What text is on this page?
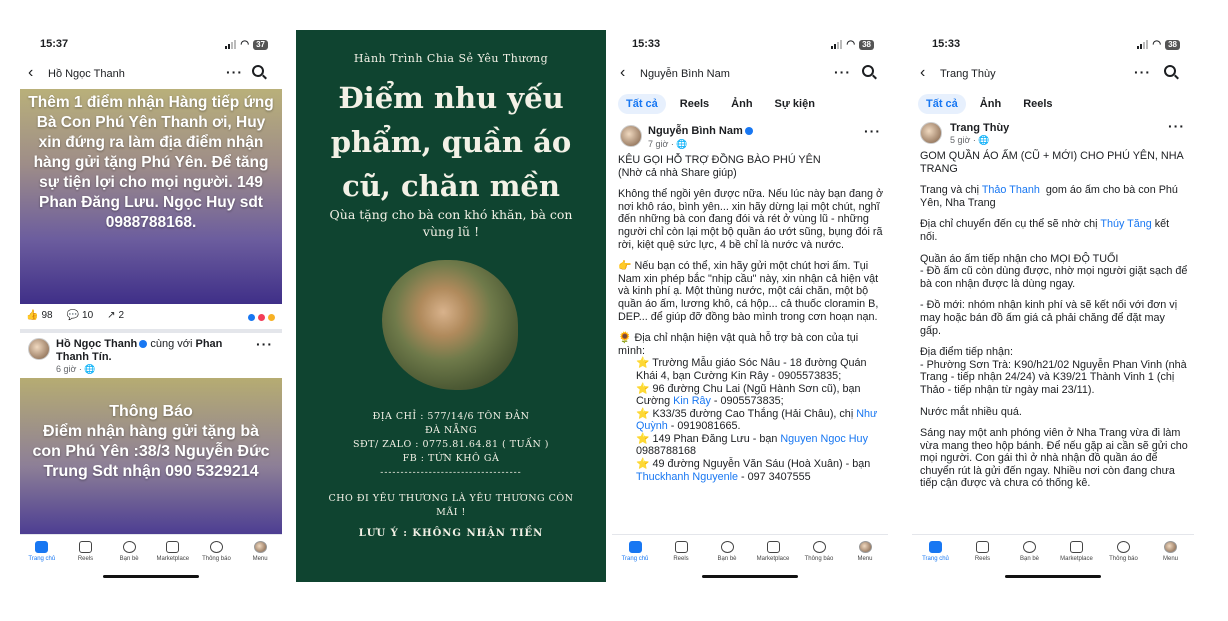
15:37	◠ 37
‹ Hồ Ngọc Thanh	···
Thêm 1 điểm nhận Hàng tiếp ứng Bà Con Phú Yên Thanh ơi, Huy xin đứng ra làm địa điểm nhận hàng gửi tặng Phú Yên. Để tăng sự tiện lợi cho mọi người. 149 Phan Đăng Lưu. Ngọc Huy sdt 0988788168.
👍 98 💬 10 ↗ 2
Hồ Ngọc Thanh cùng với Phan Thanh Tín.
···
6 giờ · 🌐
Thông Báo
Điểm nhận hàng gửi tặng bà con Phú Yên :38/3 Nguyễn Đức Trung Sdt nhận 090 5329214
Trang chủ	Reels	Bạn bè	Marketplace	Thông báo	Menu
Hành Trình Chia Sẻ Yêu Thương
Điểm nhu yếu phẩm, quần áo cũ, chăn mền
Qùa tặng cho bà con khó khăn, bà con vùng lũ !
ĐỊA CHỈ : 577/14/6 TÔN ĐẢN
ĐÀ NẴNG
SĐT/ ZALO : 0775.81.64.81 ( TUẤN )
FB : TỨN KHÔ GÀ
-----------------------------------
CHO ĐI YÊU THƯƠNG LÀ YÊU THƯƠNG CÒN MÃI !
LƯU Ý : KHÔNG NHẬN TIỀN
15:33	◠ 38
‹ Nguyễn Bình Nam	···
Tất cả	Reels	Ảnh	Sự kiện
Nguyễn Bình Nam	···
7 giờ · 🌐

KÊU GỌI HỖ TRỢ ĐỒNG BÀO PHÚ YÊN

(Nhờ cả nhà Share giúp)

Không thể ngồi yên được nữa. Nếu lúc này bạn đang ở nơi khô ráo, bình yên... xin hãy dừng lại một chút, nghĩ đến những bà con đang đói và rét ở vùng lũ - những người chỉ còn lại một bộ quần áo ướt sũng, bụng đói rã rời, kiệt quệ sức lực, 4 bề chỉ là nước và nước.

👉 Nếu bạn có thể, xin hãy gửi một chút hơi ấm. Tụi Nam xin phép bắc "nhịp cầu" này, xin nhận cả hiện vật và kinh phí ạ. Một thùng nước, một cái chăn, một bộ quần áo ấm, lương khô, cá hộp... cả thuốc cloramin B, DEP... để giúp đỡ đồng bào mình trong cơn hoạn nạn.

🌻 Địa chỉ nhận hiện vật quà hỗ trợ bà con của tụi mình:

⭐ Trường Mẫu giáo Sóc Nâu - 18 đường Quán Khái 4, bạn Cường Kin Rây - 0905573835;

⭐ 96 đường Chu Lai (Ngũ Hành Sơn cũ), bạn Cường Kin Rây - 0905573835;

⭐ K33/35 đường Cao Thắng (Hải Châu), chị Như Quỳnh - 0919081665.

⭐ 149 Phan Đăng Lưu - bạn Nguyen Ngoc Huy 0988788168

⭐ 49 đường Nguyễn Văn Sáu (Hoà Xuân) - bạn Thuckhanh Nguyenle - 097 3407555

Trang chủ	Reels	Bạn bè	Marketplace	Thông báo	Menu
15:33	◠ 38
‹ Trang Thùy	···
Tất cả	Ảnh	Reels
Trang Thùy	···
5 giờ · 🌐

GOM QUẦN ÁO ẤM (CŨ + MỚI) CHO PHÚ YÊN, NHA TRANG

Trang và chị Thảo Thanh  gom áo ấm cho bà con Phú Yên, Nha Trang

Địa chỉ chuyển đến cụ thể sẽ nhờ chị Thúy Tăng kết nối.

Quần áo ấm tiếp nhận cho MỌI ĐỘ TUỔI
- Đồ ấm cũ còn dùng được, nhờ mọi người giặt sạch để bà con nhận được là dùng ngay.

- Đồ mới: nhóm nhận kinh phí và sẽ kết nối với đơn vị may hoặc bán đồ ấm giá cả phải chăng để đặt may gấp.

Địa điểm tiếp nhận:
- Phường Sơn Trà: K90/h21/02 Nguyễn Phan Vinh (nhà Trang - tiếp nhận 24/24) và K39/21 Thành Vinh 1 (chị Thảo - tiếp nhận từ ngày mai 23/11).

Nước mắt nhiều quá.

Sáng nay một anh phóng viên ở Nha Trang vừa đi làm vừa mang theo hộp bánh. Để nếu gặp ai cần sẽ gửi cho mọi người. Con gái thì ở nhà nhận đồ quần áo để chuyển rút là gửi đến ngay. Nhiều nơi còn đang chưa tiếp cận được và chưa có thống kê.

Trang chủ	Reels	Bạn bè	Marketplace	Thông báo	Menu
